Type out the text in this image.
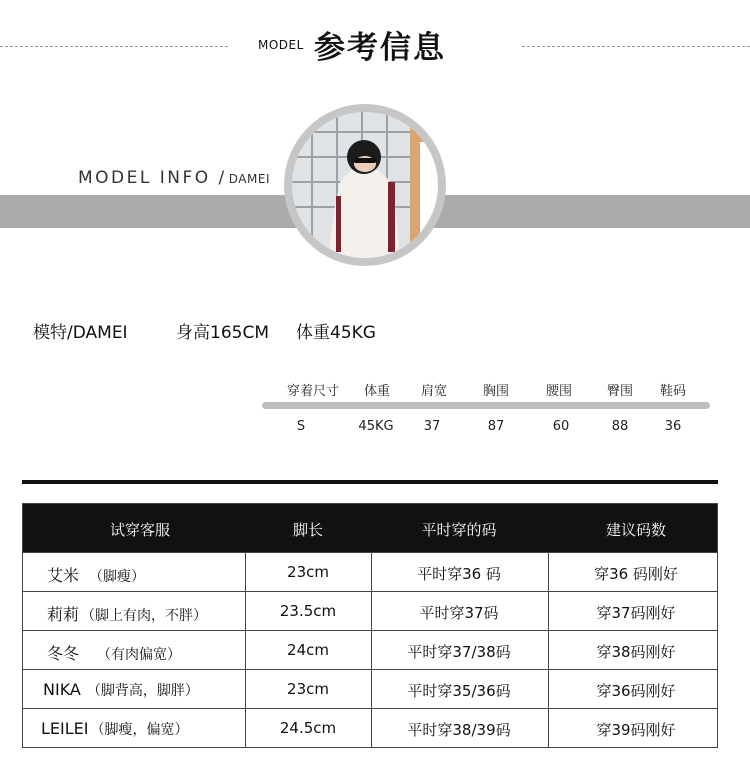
MODEL 参考信息
MODEL INFO / DAMEI
模特/DAMEI	身高165CM 体重45KG
穿着尺寸 体重 肩宽	胸围	腰围	臀围 鞋码
S	45KG 37	87	60	88	36
试穿客服	脚长	平时穿的码	建议码数
艾米 （脚瘦）	23cm	平时穿36 码	穿36 码刚好
莉莉 （脚上有肉，不胖）	23.5cm	平时穿37码	穿37码刚好
冬冬 （有肉偏宽）	24cm	平时穿37/38码	穿38码刚好
NIKA （脚背高，脚胖）	23cm	平时穿35/36码	穿36码刚好
LEILEI （脚瘦，偏宽）	24.5cm	平时穿38/39码	穿39码刚好
